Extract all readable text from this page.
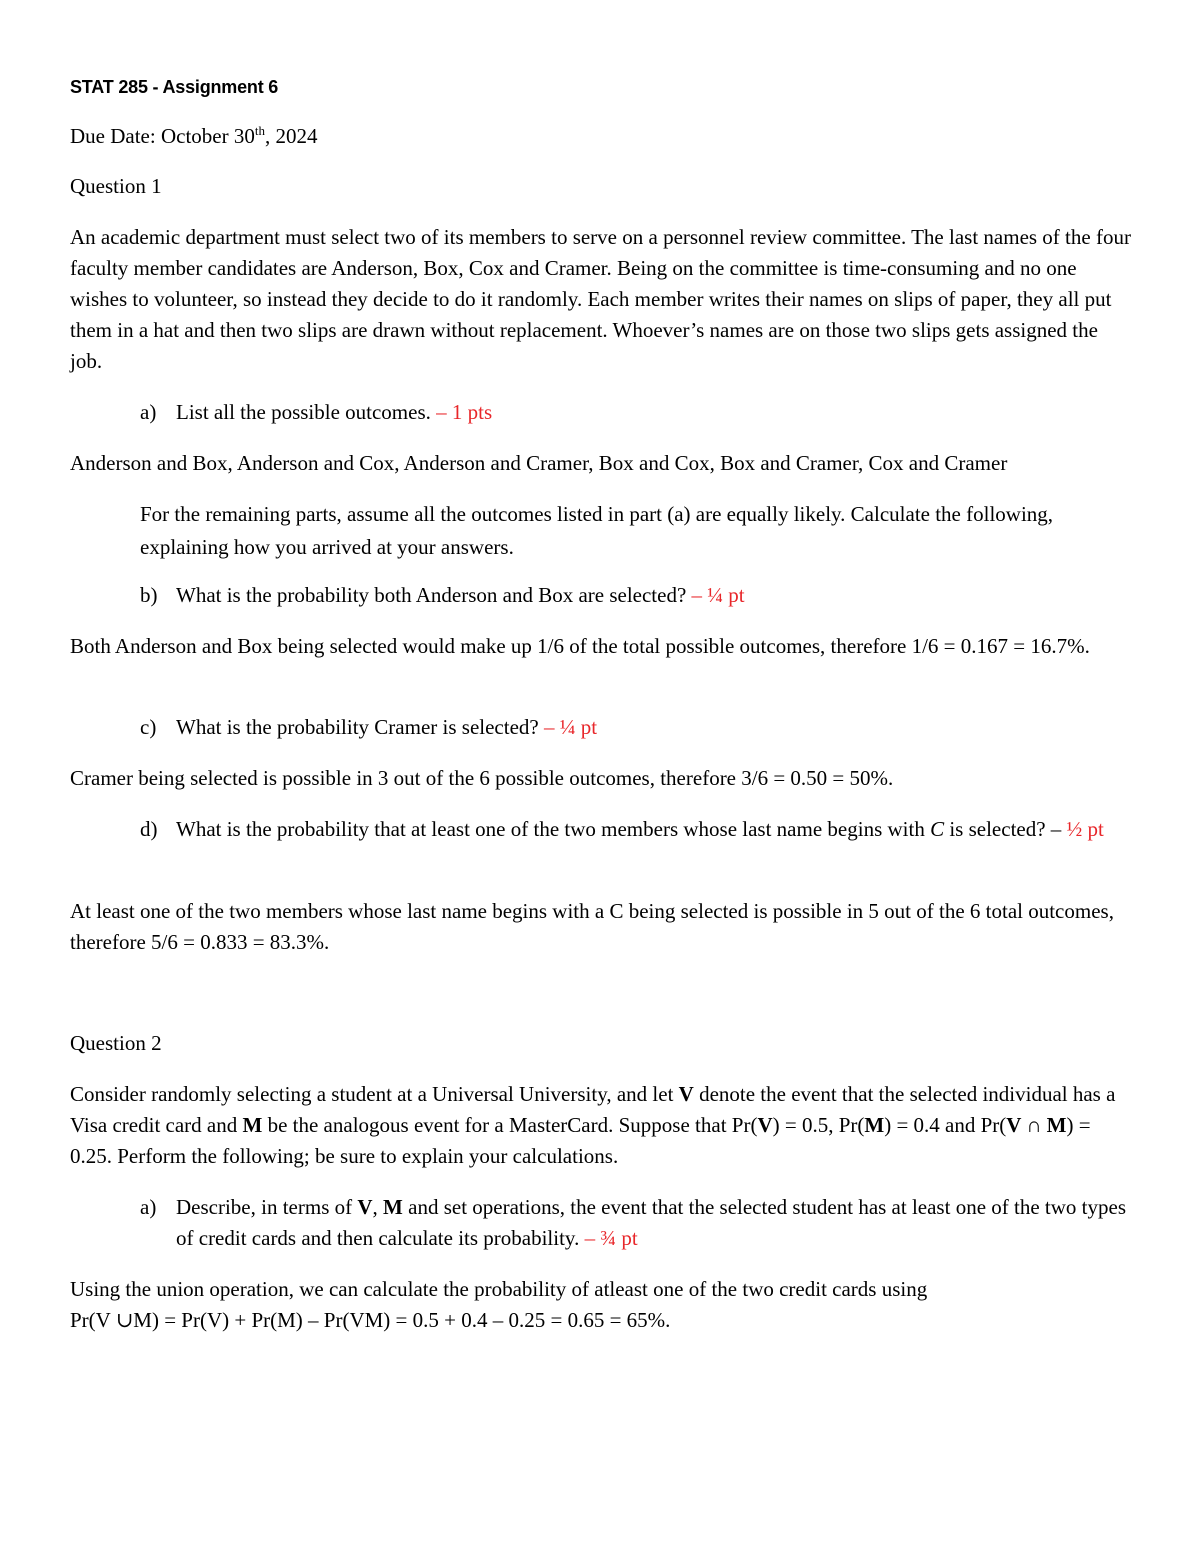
STAT 285 - Assignment 6

Due Date: October 30th, 2024

Question 1

An academic department must select two of its members to serve on a personnel review committee. The last names of the four faculty member candidates are Anderson, Box, Cox and Cramer. Being on the committee is time-consuming and no one wishes to volunteer, so instead they decide to do it randomly. Each member writes their names on slips of paper, they all put them in a hat and then two slips are drawn without replacement. Whoever’s names are on those two slips gets assigned the job.

a) List all the possible outcomes. – 1 pts

Anderson and Box, Anderson and Cox, Anderson and Cramer, Box and Cox, Box and Cramer, Cox and Cramer

For the remaining parts, assume all the outcomes listed in part (a) are equally likely. Calculate the following, explaining how you arrived at your answers.

b) What is the probability both Anderson and Box are selected? – ¼ pt

Both Anderson and Box being selected would make up 1/6 of the total possible outcomes, therefore 1/6 = 0.167 = 16.7%.

c) What is the probability Cramer is selected? – ¼ pt

Cramer being selected is possible in 3 out of the 6 possible outcomes, therefore 3/6 = 0.50 = 50%.

d) What is the probability that at least one of the two members whose last name begins with C is selected? – ½ pt

At least one of the two members whose last name begins with a C being selected is possible in 5 out of the 6 total outcomes, therefore 5/6 = 0.833 = 83.3%.

Question 2

Consider randomly selecting a student at a Universal University, and let V denote the event that the selected individual has a Visa credit card and M be the analogous event for a MasterCard. Suppose that Pr(V) = 0.5, Pr(M) = 0.4 and Pr(V ∩ M) = 0.25. Perform the following; be sure to explain your calculations.

a) Describe, in terms of V, M and set operations, the event that the selected student has at least one of the two types of credit cards and then calculate its probability. – ¾ pt

Using the union operation, we can calculate the probability of atleast one of the two credit cards using
Pr(V ∪M) = Pr(V) + Pr(M) – Pr(VM) = 0.5 + 0.4 – 0.25 = 0.65 = 65%.
